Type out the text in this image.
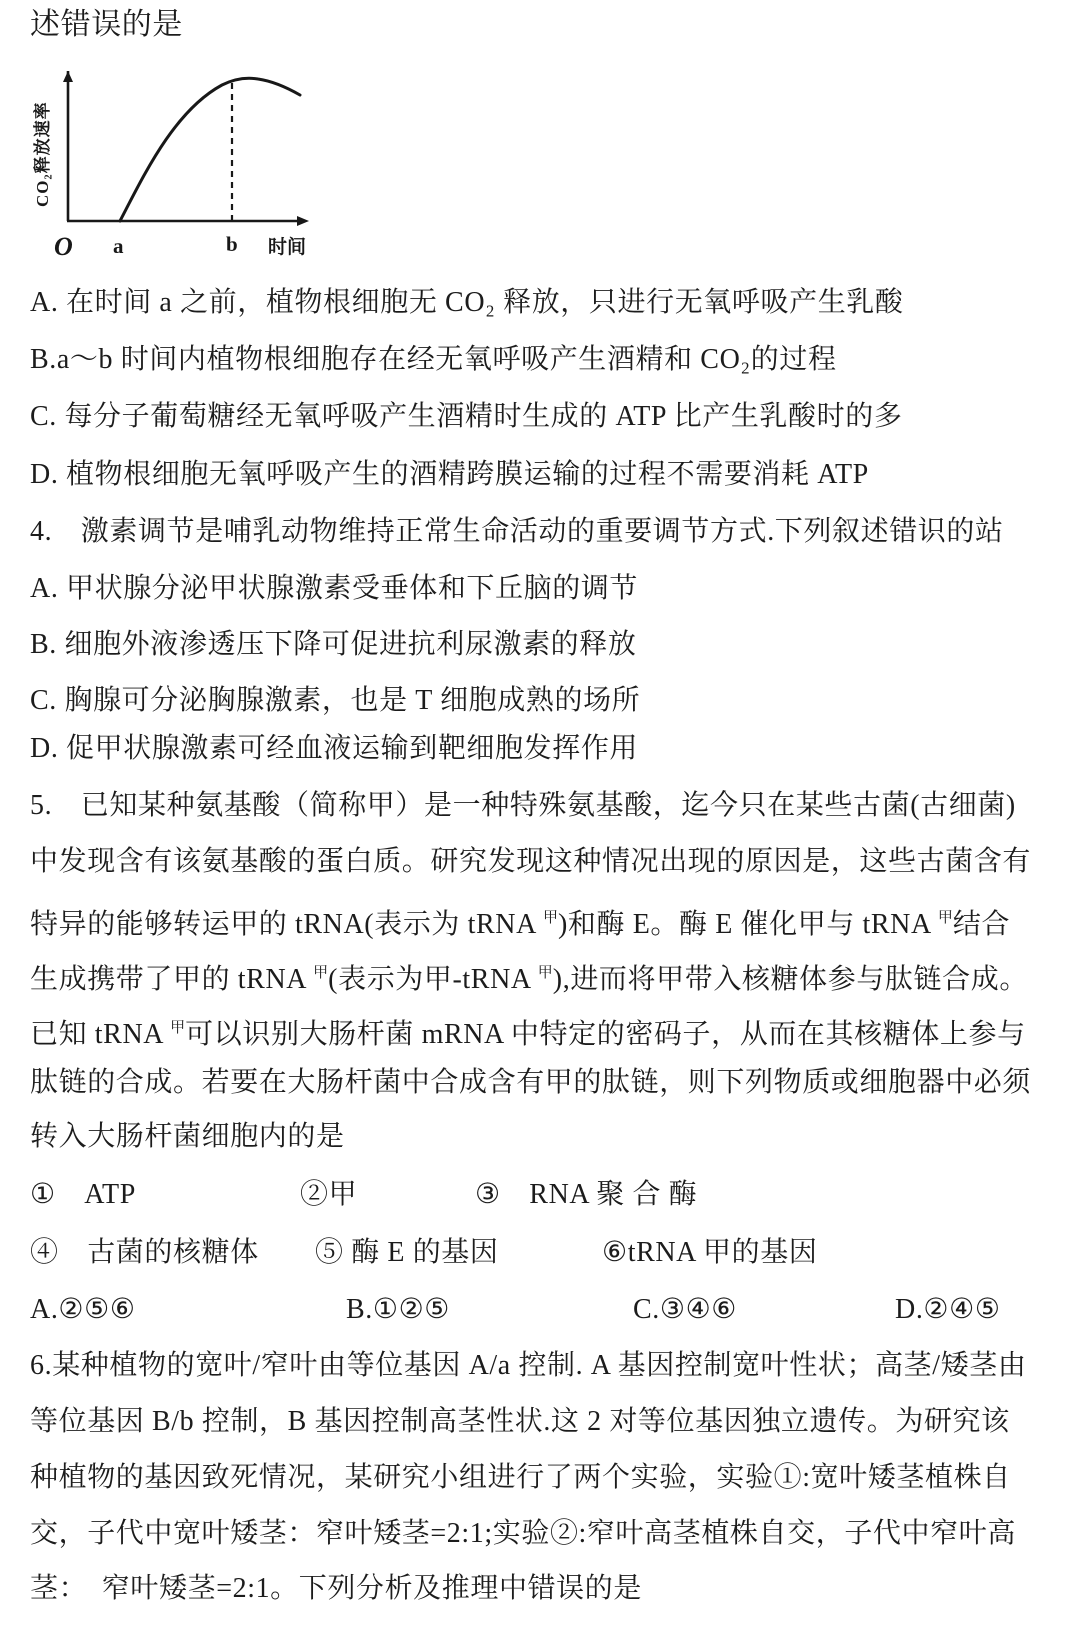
述错误的是
CO₂释放速率
O a	b 时间
A. 在时间 a 之前，植物根细胞无 CO₂ 释放，只进行无氧呼吸产生乳酸
B.a～b 时间内植物根细胞存在经无氧呼吸产生酒精和 CO₂的过程
C. 每分子葡萄糖经无氧呼吸产生酒精时生成的 ATP 比产生乳酸时的多
D. 植物根细胞无氧呼吸产生的酒精跨膜运输的过程不需要消耗 ATP
4.　激素调节是哺乳动物维持正常生命活动的重要调节方式.下列叙述错识的站
A. 甲状腺分泌甲状腺激素受垂体和下丘脑的调节
B. 细胞外液渗透压下降可促进抗利尿激素的释放
C. 胸腺可分泌胸腺激素，也是 T 细胞成熟的场所
D. 促甲状腺激素可经血液运输到靶细胞发挥作用
5.　已知某种氨基酸（简称甲）是一种特殊氨基酸，迄今只在某些古菌(古细菌)
中发现含有该氨基酸的蛋白质。研究发现这种情况出现的原因是，这些古菌含有
特异的能够转运甲的 tRNA(表示为 tRNA $^甲$)和酶 E。酶 E 催化甲与 tRNA $^甲$结合
生成携带了甲的 tRNA $^甲$(表示为甲-tRNA $^甲$),进而将甲带入核糖体参与肽链合成。
已知 tRNA $^甲$可以识别大肠杆菌 mRNA 中特定的密码子，从而在其核糖体上参与
肽链的合成。若要在大肠杆菌中合成含有甲的肽链，则下列物质或细胞器中必须
转入大肠杆菌细胞内的是
①　ATP	②甲	③　RNA 聚 合 酶
④　古菌的核糖体 ⑤ 酶 E 的基因	⑥tRNA 甲的基因
A.②⑤⑥	B.①②⑤	C.③④⑥	D.②④⑤
6.某种植物的宽叶/窄叶由等位基因 A/a 控制. A 基因控制宽叶性状；高茎/矮茎由
等位基因 B/b 控制，B 基因控制高茎性状.这 2 对等位基因独立遗传。为研究该
种植物的基因致死情况，某研究小组进行了两个实验，实验①:宽叶矮茎植株自
交，子代中宽叶矮茎：窄叶矮茎=2:1;实验②:窄叶高茎植株自交，子代中窄叶高
茎：　窄叶矮茎=2:1。下列分析及推理中错误的是
